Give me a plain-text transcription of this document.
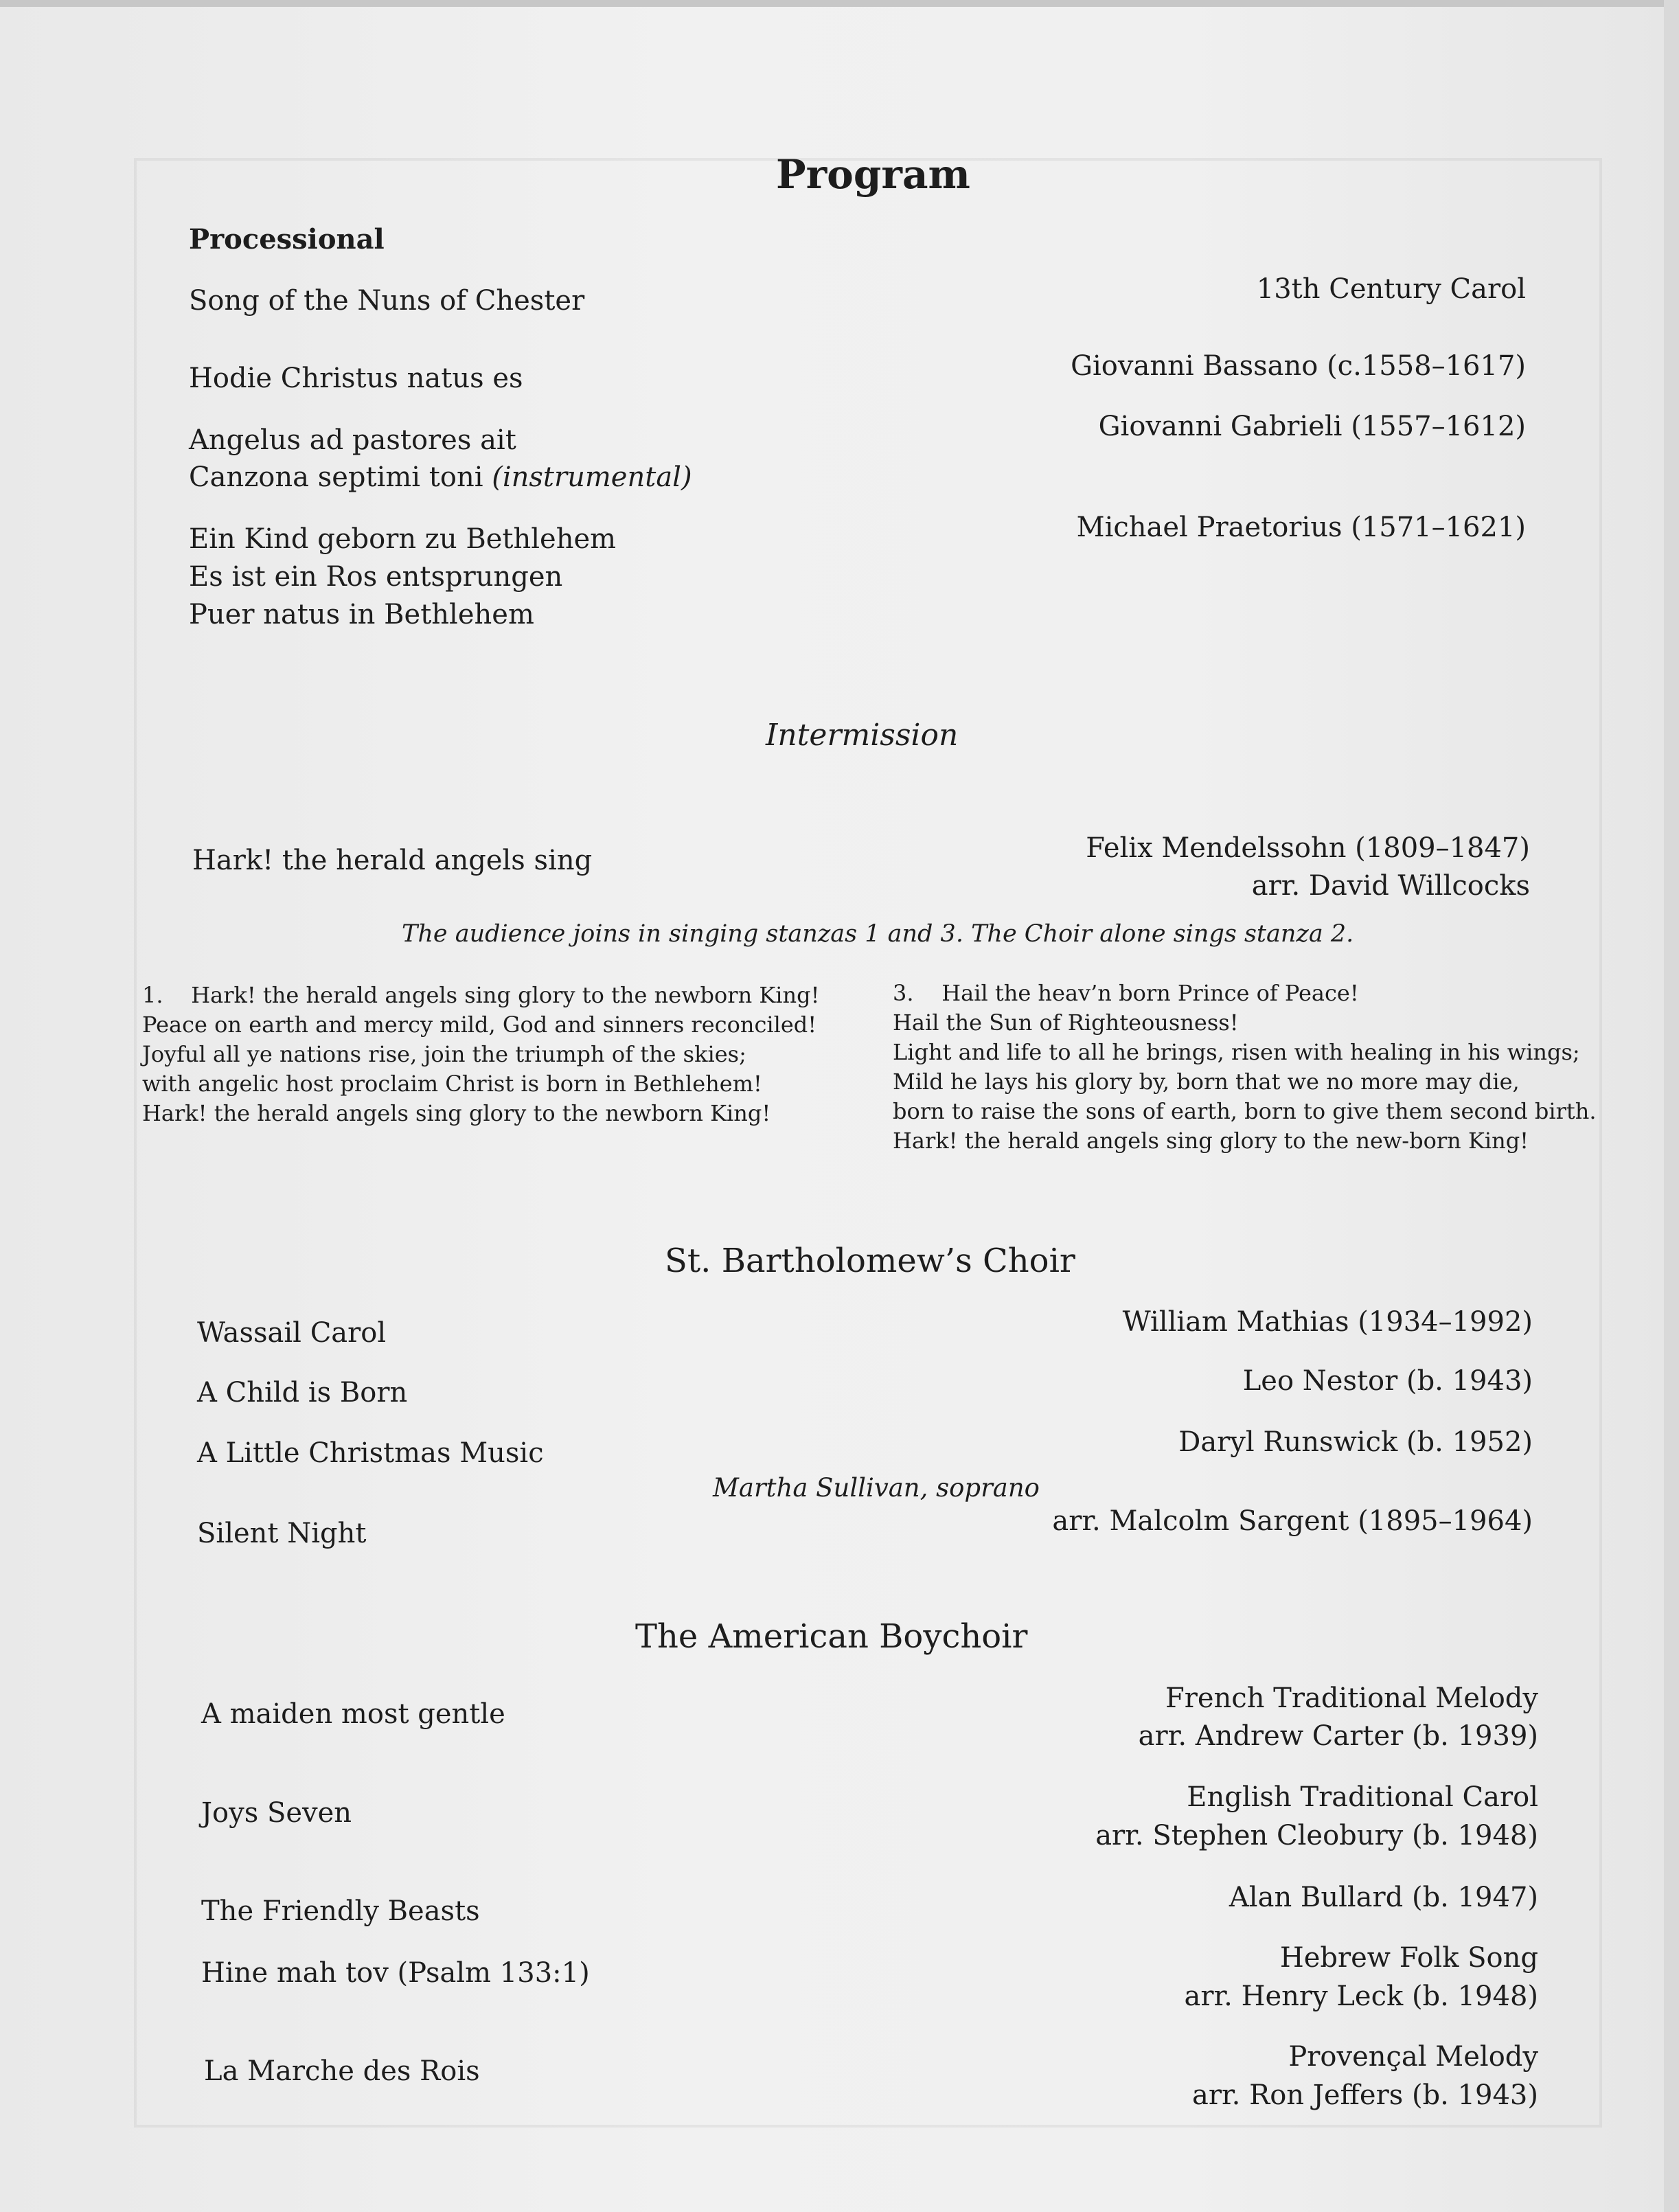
Program
Processional
Song of the Nuns of Chester	13th Century Carol
Hodie Christus natus es	Giovanni Bassano (c.1558–1617)
Angelus ad pastores ait	Giovanni Gabrieli (1557–1612)
Canzona septimi toni (instrumental)
Ein Kind geborn zu Bethlehem	Michael Praetorius (1571–1621)
Es ist ein Ros entsprungen
Puer natus in Bethlehem
Intermission
Hark! the herald angels sing	Felix Mendelssohn (1809–1847)
arr. David Willcocks
The audience joins in singing stanzas 1 and 3. The Choir alone sings stanza 2.
1.    Hark! the herald angels sing glory to the newborn King!
Peace on earth and mercy mild, God and sinners reconciled!
Joyful all ye nations rise, join the triumph of the skies;
with angelic host proclaim Christ is born in Bethlehem!
Hark! the herald angels sing glory to the newborn King!
3.    Hail the heav’n born Prince of Peace!
Hail the Sun of Righteousness!
Light and life to all he brings, risen with healing in his wings;
Mild he lays his glory by, born that we no more may die,
born to raise the sons of earth, born to give them second birth.
Hark! the herald angels sing glory to the new-born King!
St. Bartholomew’s Choir
Wassail Carol	William Mathias (1934–1992)
A Child is Born	Leo Nestor (b. 1943)
A Little Christmas Music	Daryl Runswick (b. 1952)
Martha Sullivan, soprano
Silent Night	arr. Malcolm Sargent (1895–1964)
The American Boychoir
A maiden most gentle	French Traditional Melody
arr. Andrew Carter (b. 1939)
Joys Seven	English Traditional Carol
arr. Stephen Cleobury (b. 1948)
The Friendly Beasts	Alan Bullard (b. 1947)
Hine mah tov (Psalm 133:1)	Hebrew Folk Song
arr. Henry Leck (b. 1948)
La Marche des Rois	Provençal Melody
arr. Ron Jeffers (b. 1943)
